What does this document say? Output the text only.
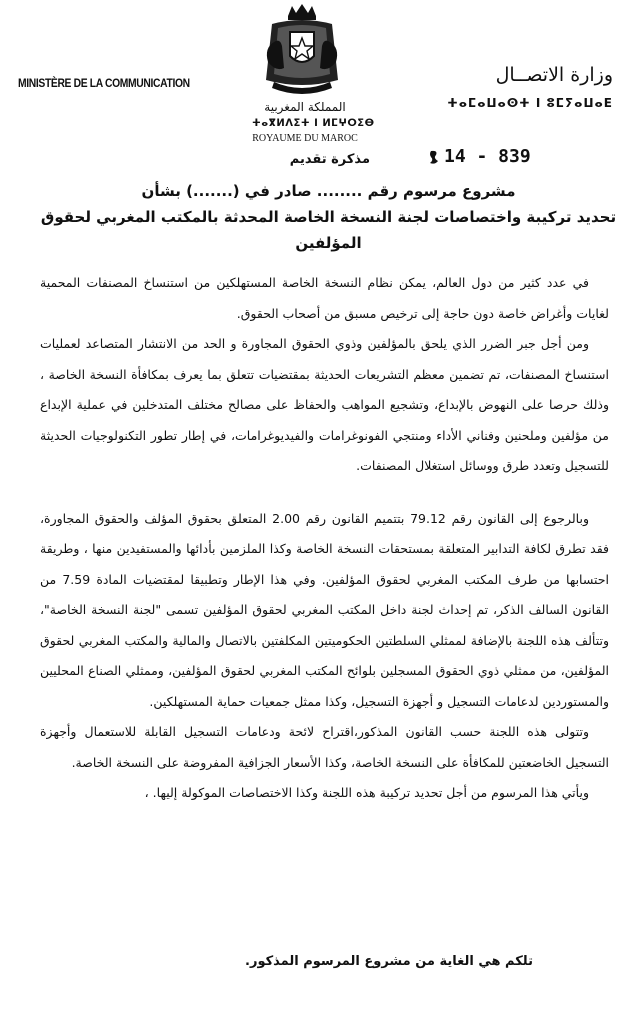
MINISTÈRE DE LA COMMUNICATION	وزارة الاتصــال
ⵜⴰⵎⴰⵡⴰⵙⵜ ⵏ ⵓⵎⵢⴰⵡⴰⴹ
المملكة المغربية
ⵜⴰⴳⵍⴷⵉⵜ ⵏ ⵍⵎⵖⵔⵉⴱ
ROYAUME DU MAROC
مذكرة تقديم	14 - 839
مشروع مرسوم رقم ........ صادر في (.......) بشأن
تحديد تركيبة واختصاصات لجنة النسخة الخاصة المحدثة بالمكتب المغربي لحقوق المؤلفين

في عدد كثير من دول العالم، يمكن نظام النسخة الخاصة المستهلكين من استنساخ المصنفات المحمية لغايات وأغراض خاصة دون حاجة إلى ترخيص مسبق من أصحاب الحقوق.

ومن أجل جبر الضرر الذي يلحق بالمؤلفين وذوي الحقوق المجاورة و الحد من الانتشار المتصاعد لعمليات استنساخ المصنفات، تم تضمين معظم التشريعات الحديثة بمقتضيات تتعلق بما يعرف بمكافأة النسخة الخاصة ، وذلك حرصا على النهوض بالإبداع، وتشجيع المواهب والحفاظ على مصالح مختلف المتدخلين في عملية الإبداع من مؤلفين وملحنين وفناني الأداء ومنتجي الفونوغرامات والفيديوغرامات، في إطار تطور التكنولوجيات الحديثة للتسجيل وتعدد طرق ووسائل استغلال المصنفات.

وبالرجوع إلى القانون رقم 79.12 بتتميم القانون رقم 2.00 المتعلق بحقوق المؤلف والحقوق المجاورة، فقد تطرق لكافة التدابير المتعلقة بمستحقات النسخة الخاصة وكذا الملزمين بأدائها والمستفيدين منها ، وطريقة احتسابها من طرف المكتب المغربي لحقوق المؤلفين. وفي هذا الإطار وتطبيقا لمقتضيات المادة 7.59 من القانون السالف الذكر، تم إحداث لجنة داخل المكتب المغربي لحقوق المؤلفين تسمى "لجنة النسخة الخاصة"، وتتألف هذه اللجنة بالإضافة لممثلي السلطتين الحكوميتين المكلفتين بالاتصال والمالية والمكتب المغربي لحقوق المؤلفين، من ممثلي ذوي الحقوق المسجلين بلوائح المكتب المغربي لحقوق المؤلفين، وممثلي الصناع المحليين والمستوردين لدعامات التسجيل و أجهزة التسجيل، وكذا ممثل جمعيات حماية المستهلكين.

وتتولى هذه اللجنة حسب القانون المذكور،اقتراح لائحة ودعامات التسجيل القابلة للاستعمال وأجهزة التسجيل الخاضعتين للمكافأة على النسخة الخاصة، وكذا الأسعار الجزافية المفروضة على النسخة الخاصة.

ويأتي هذا المرسوم من أجل تحديد تركيبة هذه اللجنة وكذا الاختصاصات الموكولة إليها. ،

تلكم هي الغاية من مشروع المرسوم المذكور.
